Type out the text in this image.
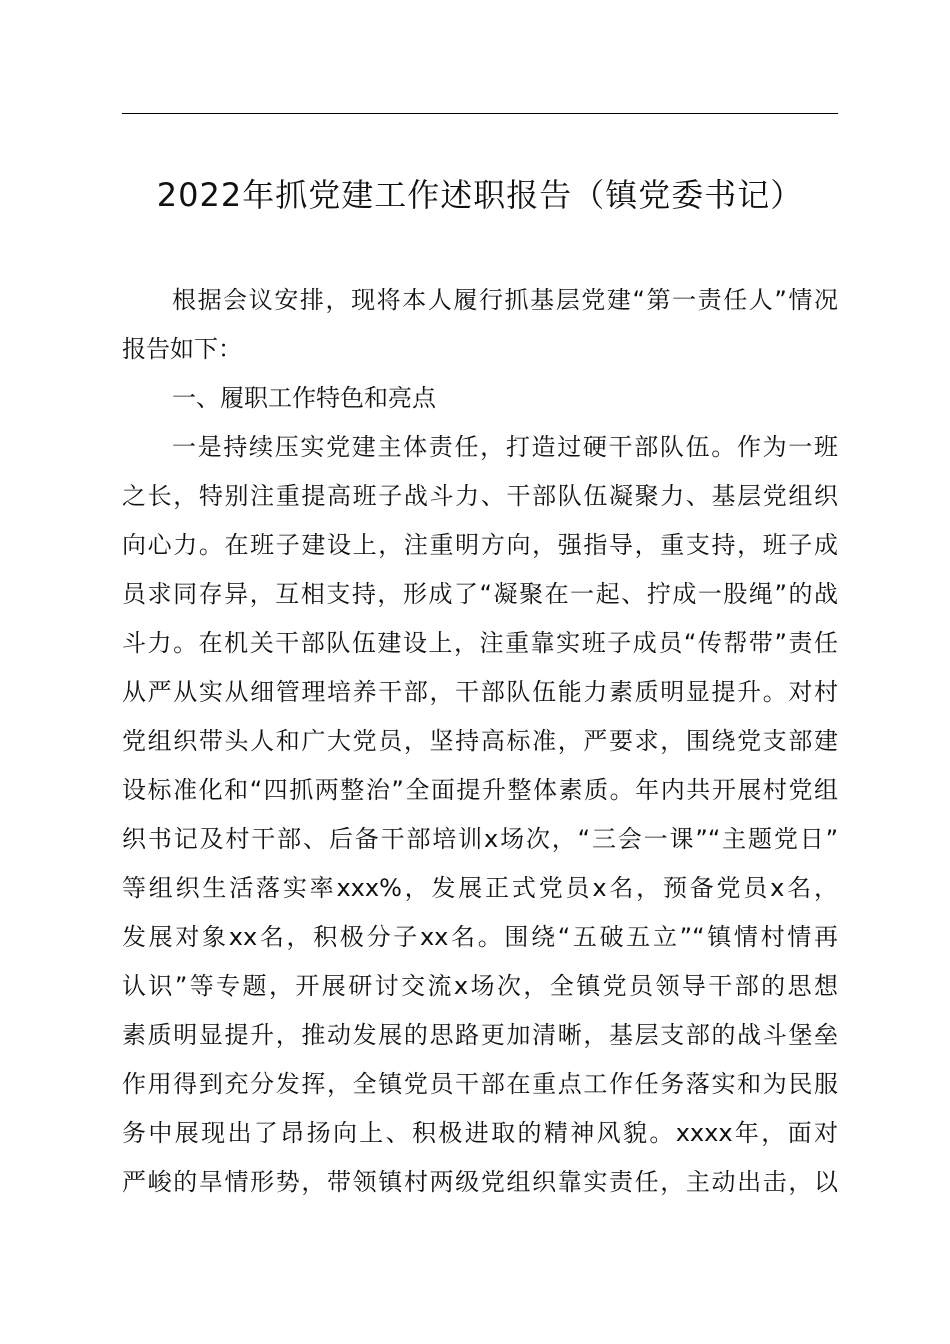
2022年抓党建工作述职报告（镇党委书记）
根据会议安排，现将本人履行抓基层党建“第一责任人”情况
报告如下：
一、履职工作特色和亮点
一是持续压实党建主体责任，打造过硬干部队伍。作为一班
之长，特别注重提高班子战斗力、干部队伍凝聚力、基层党组织
向心力。在班子建设上，注重明方向，强指导，重支持，班子成
员求同存异，互相支持，形成了“凝聚在一起、拧成一股绳”的战
斗力。在机关干部队伍建设上，注重靠实班子成员“传帮带”责任
从严从实从细管理培养干部，干部队伍能力素质明显提升。对村
党组织带头人和广大党员，坚持高标准，严要求，围绕党支部建
设标准化和“四抓两整治”全面提升整体素质。年内共开展村党组
织书记及村干部、后备干部培训x场次，“三会一课”“主题党日”
等组织生活落实率xxx%，发展正式党员x名，预备党员x名，
发展对象xx名，积极分子xx名。围绕“五破五立”“镇情村情再
认识”等专题，开展研讨交流x场次，全镇党员领导干部的思想
素质明显提升，推动发展的思路更加清晰，基层支部的战斗堡垒
作用得到充分发挥，全镇党员干部在重点工作任务落实和为民服
务中展现出了昂扬向上、积极进取的精神风貌。xxxx年，面对
严峻的旱情形势，带领镇村两级党组织靠实责任，主动出击，以
